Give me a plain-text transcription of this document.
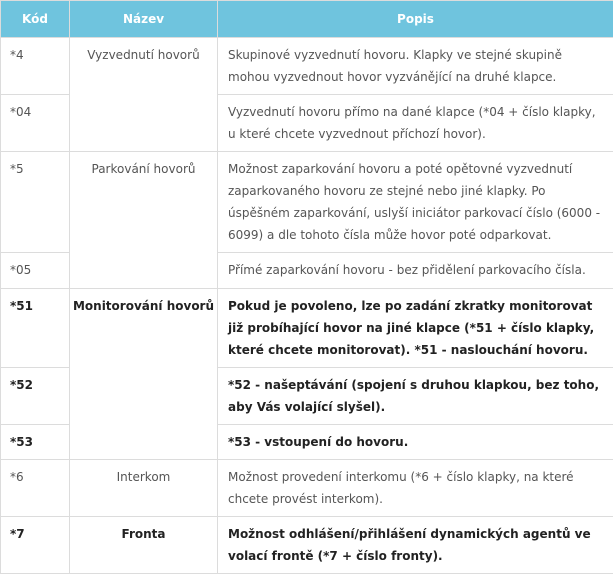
Kód	Název	Popis
*4	Vyzvednutí hovorů	Skupinové vyzvednutí hovoru. Klapky ve stejné skupině mohou vyzvednout hovor vyzvánějící na druhé klapce.
*04		Vyzvednutí hovoru přímo na dané klapce (*04 + číslo klapky, u které chcete vyzvednout příchozí hovor).
*5	Parkování hovorů	Možnost zaparkování hovoru a poté opětovné vyzvednutí zaparkovaného hovoru ze stejné nebo jiné klapky. Po úspěšném zaparkování, uslyší iniciátor parkovací číslo (6000 - 6099) a dle tohoto čísla může hovor poté odparkovat.
*05		Přímé zaparkování hovoru - bez přidělení parkovacího čísla.
*51	Monitorování hovorů	Pokud je povoleno, lze po zadání zkratky monitorovat již probíhající hovor na jiné klapce (*51 + číslo klapky, které chcete monitorovat). *51 - naslouchání hovoru.
*52		*52 - našeptávání (spojení s druhou klapkou, bez toho, aby Vás volající slyšel).
*53		*53 - vstoupení do hovoru.
*6	Interkom	Možnost provedení interkomu (*6 + číslo klapky, na které chcete provést interkom).
*7	Fronta	Možnost odhlášení/přihlášení dynamických agentů ve volací frontě (*7 + číslo fronty).
